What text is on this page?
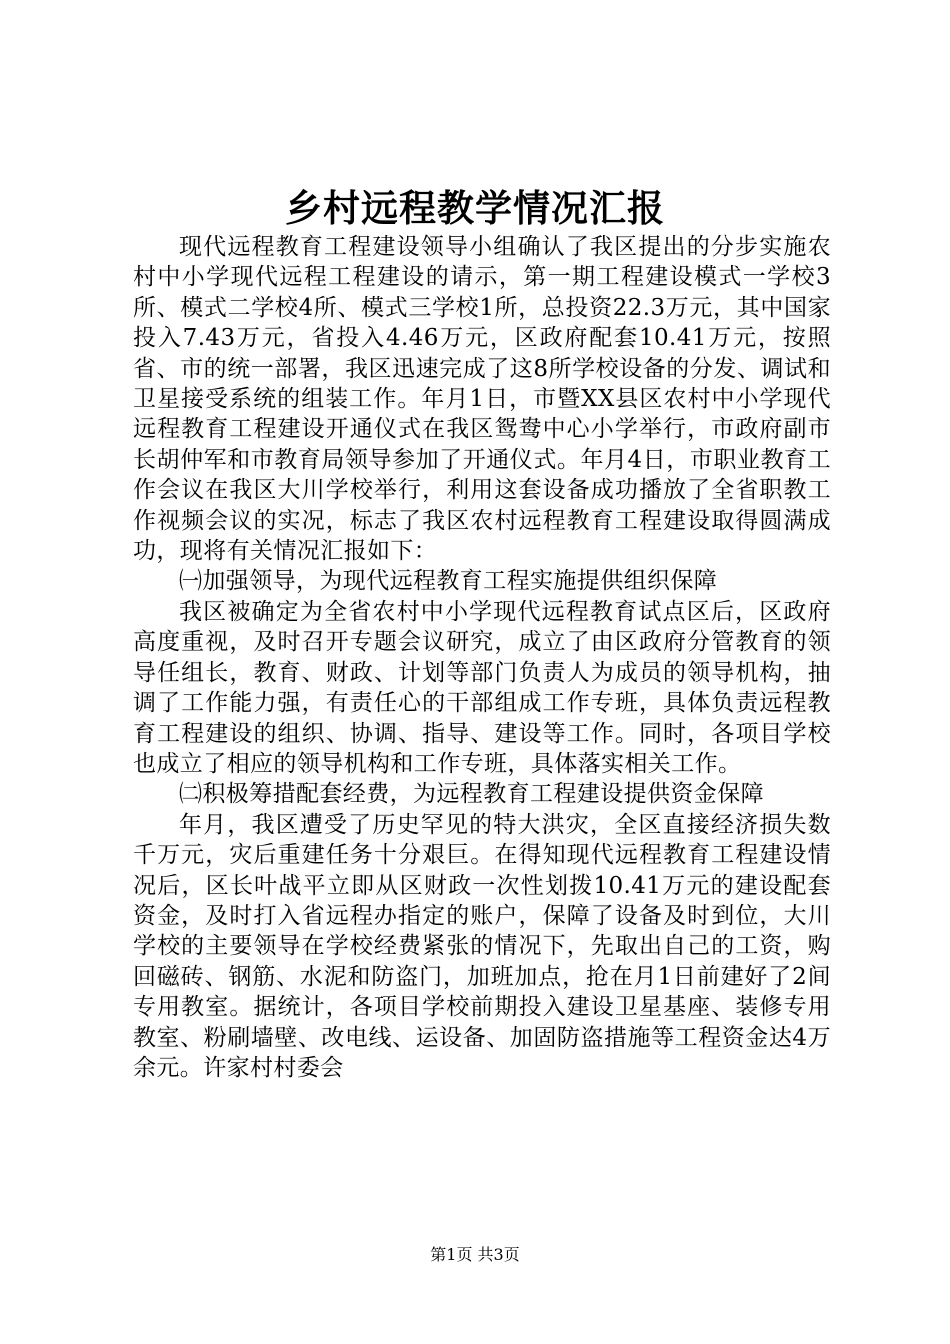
乡村远程教学情况汇报

现代远程教育工程建设领导小组确认了我区提出的分步实施农村中小学现代远程工程建设的请示，第一期工程建设模式一学校3所、模式二学校4所、模式三学校1所，总投资22.3万元，其中国家投入7.43万元，省投入4.46万元，区政府配套10.41万元，按照省、市的统一部署，我区迅速完成了这8所学校设备的分发、调试和卫星接受系统的组装工作。年月1日，市暨XX县区农村中小学现代远程教育工程建设开通仪式在我区鸳鸯中心小学举行，市政府副市长胡仲军和市教育局领导参加了开通仪式。年月4日，市职业教育工作会议在我区大川学校举行，利用这套设备成功播放了全省职教工作视频会议的实况，标志了我区农村远程教育工程建设取得圆满成功，现将有关情况汇报如下：

㈠加强领导，为现代远程教育工程实施提供组织保障

我区被确定为全省农村中小学现代远程教育试点区后，区政府高度重视，及时召开专题会议研究，成立了由区政府分管教育的领导任组长，教育、财政、计划等部门负责人为成员的领导机构，抽调了工作能力强，有责任心的干部组成工作专班，具体负责远程教育工程建设的组织、协调、指导、建设等工作。同时，各项目学校也成立了相应的领导机构和工作专班，具体落实相关工作。

㈡积极筹措配套经费，为远程教育工程建设提供资金保障

年月，我区遭受了历史罕见的特大洪灾，全区直接经济损失数千万元，灾后重建任务十分艰巨。在得知现代远程教育工程建设情况后，区长叶战平立即从区财政一次性划拨10.41万元的建设配套资金，及时打入省远程办指定的账户，保障了设备及时到位，大川学校的主要领导在学校经费紧张的情况下，先取出自己的工资，购回磁砖、钢筋、水泥和防盗门，加班加点，抢在月1日前建好了2间专用教室。据统计，各项目学校前期投入建设卫星基座、装修专用教室、粉刷墙壁、改电线、运设备、加固防盗措施等工程资金达4万余元。许家村村委会

第1页 共3页
